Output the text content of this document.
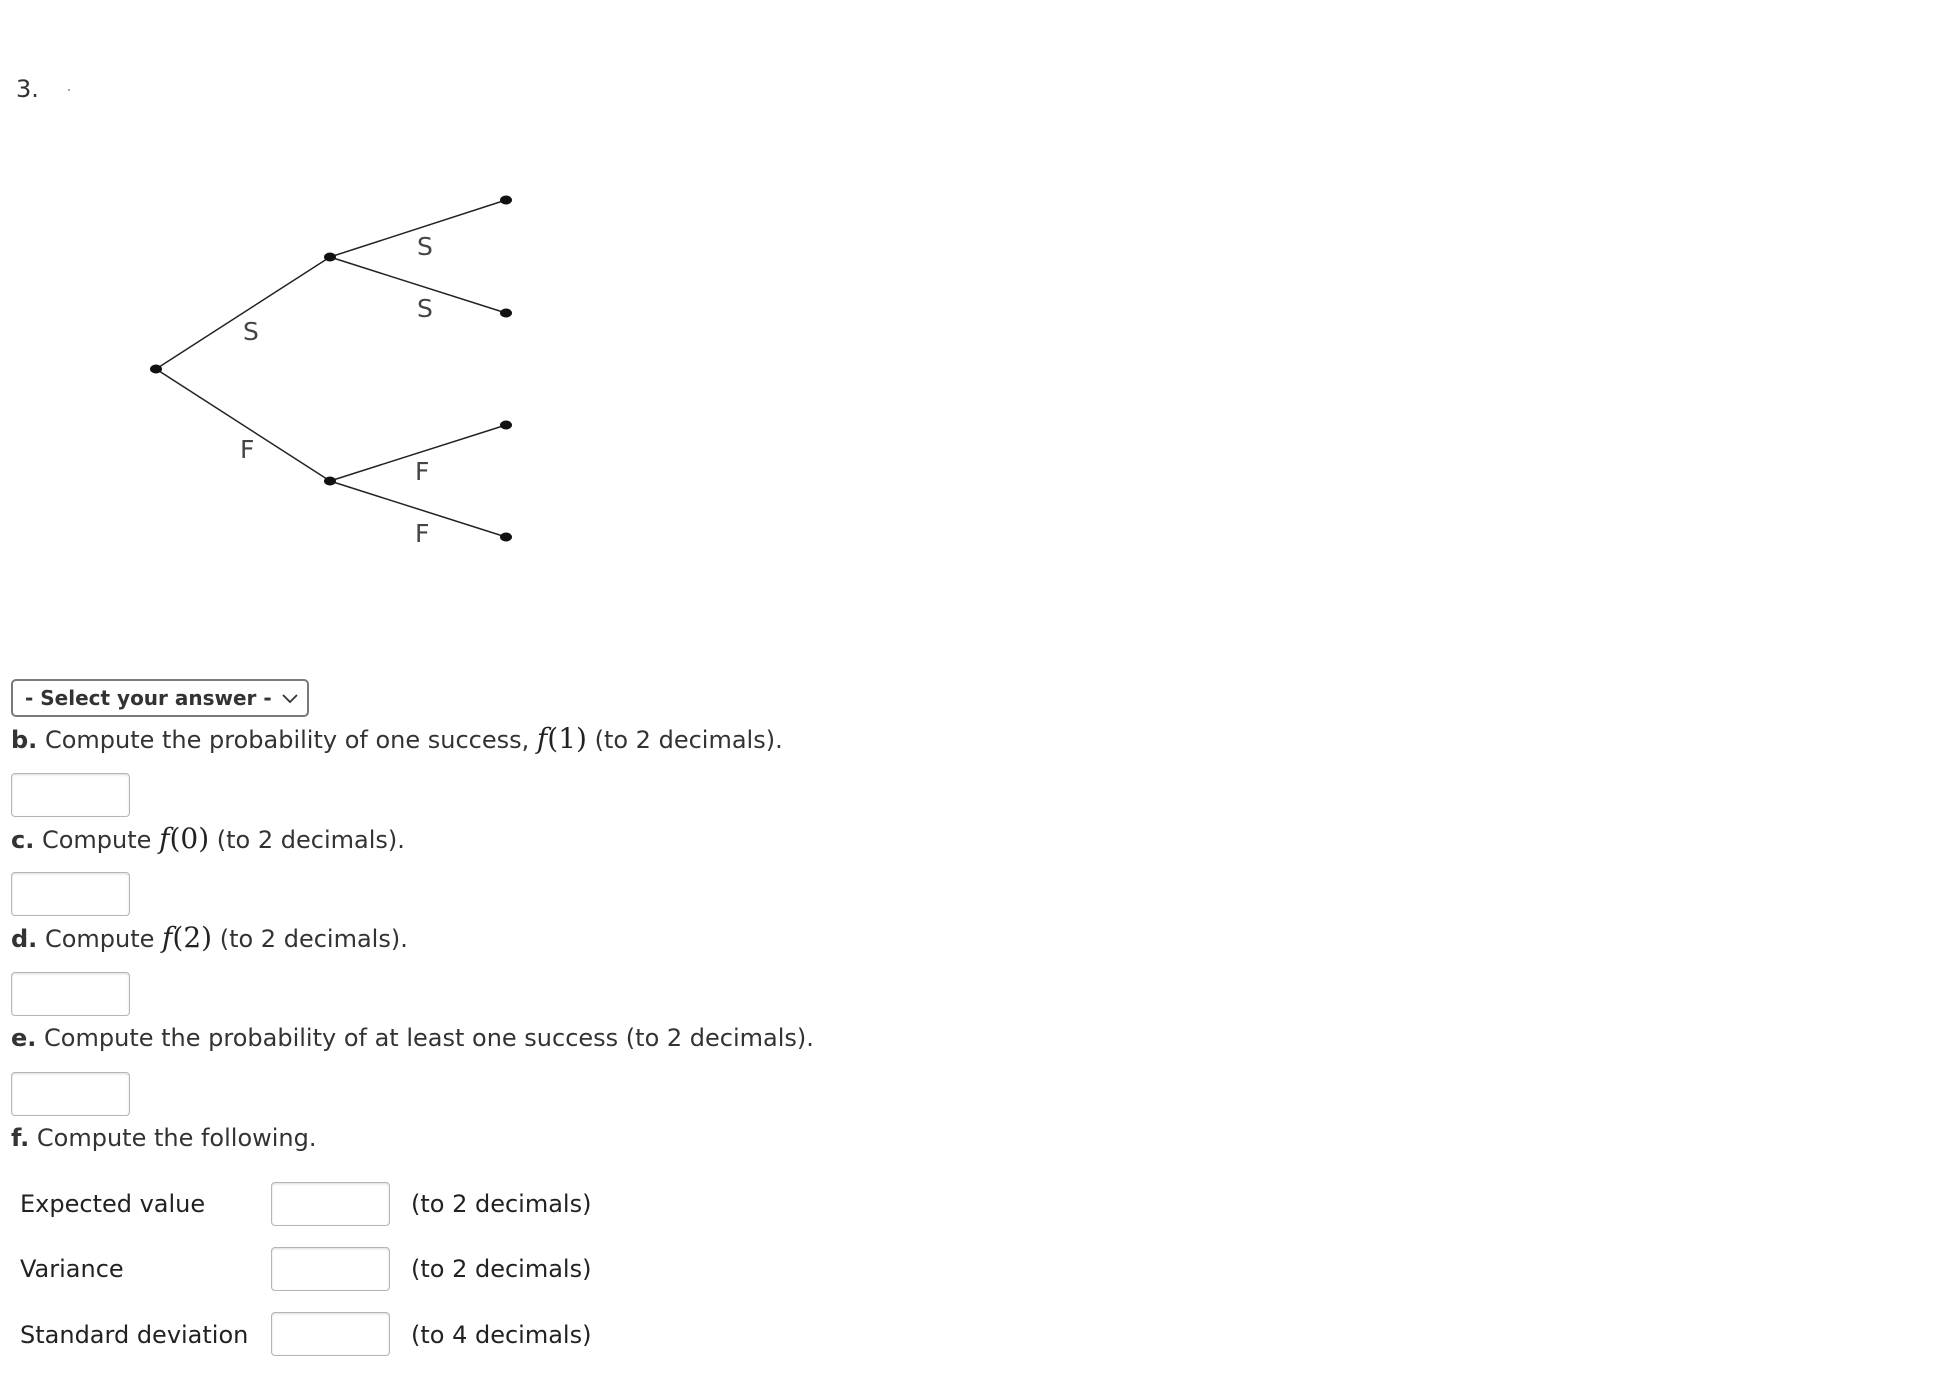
3.
S
F
S
S
F
F
- Select your answer -
b. Compute the probability of one success, f(1) (to 2 decimals).
c. Compute f(0) (to 2 decimals).
d. Compute f(2) (to 2 decimals).
e. Compute the probability of at least one success (to 2 decimals).
f. Compute the following.
Expected value	(to 2 decimals)
Variance	(to 2 decimals)
Standard deviation	(to 4 decimals)
